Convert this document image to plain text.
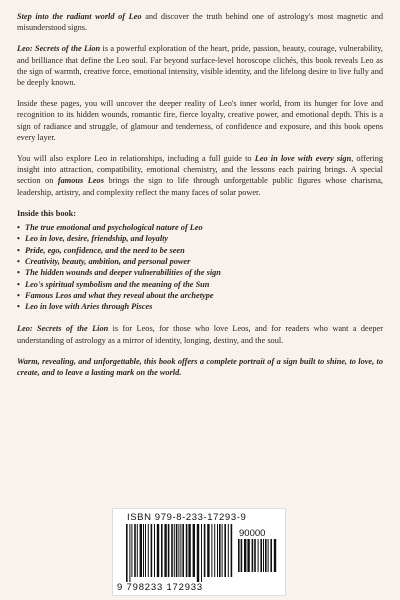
Step into the radiant world of Leo and discover the truth behind one of astrology's most magnetic and misunderstood signs.

Leo: Secrets of the Lion is a powerful exploration of the heart, pride, passion, beauty, courage, vulnerability, and brilliance that define the Leo soul. Far beyond surface-level horoscope clichés, this book reveals Leo as the sign of warmth, creative force, emotional intensity, visible identity, and the lifelong desire to live fully and be deeply known.

Inside these pages, you will uncover the deeper reality of Leo's inner world, from its hunger for love and recognition to its hidden wounds, romantic fire, fierce loyalty, creative power, and emotional depth. This is a sign of radiance and struggle, of glamour and tenderness, of confidence and exposure, and this book opens every layer.

You will also explore Leo in relationships, including a full guide to Leo in love with every sign, offering insight into attraction, compatibility, emotional chemistry, and the lessons each pairing brings. A special section on famous Leos brings the sign to life through unforgettable public figures whose charisma, leadership, artistry, and complexity reflect the many faces of solar power.

Inside this book:
• The true emotional and psychological nature of Leo
• Leo in love, desire, friendship, and loyalty
• Pride, ego, confidence, and the need to be seen
• Creativity, beauty, ambition, and personal power
• The hidden wounds and deeper vulnerabilities of the sign
• Leo's spiritual symbolism and the meaning of the Sun
• Famous Leos and what they reveal about the archetype
• Leo in love with Aries through Pisces

Leo: Secrets of the Lion is for Leos, for those who love Leos, and for readers who want a deeper understanding of astrology as a mirror of identity, longing, destiny, and the soul.

Warm, revealing, and unforgettable, this book offers a complete portrait of a sign built to shine, to love, to create, and to leave a lasting mark on the world.

ISBN 979-8-233-17293-9
90000
9 798233 172933
